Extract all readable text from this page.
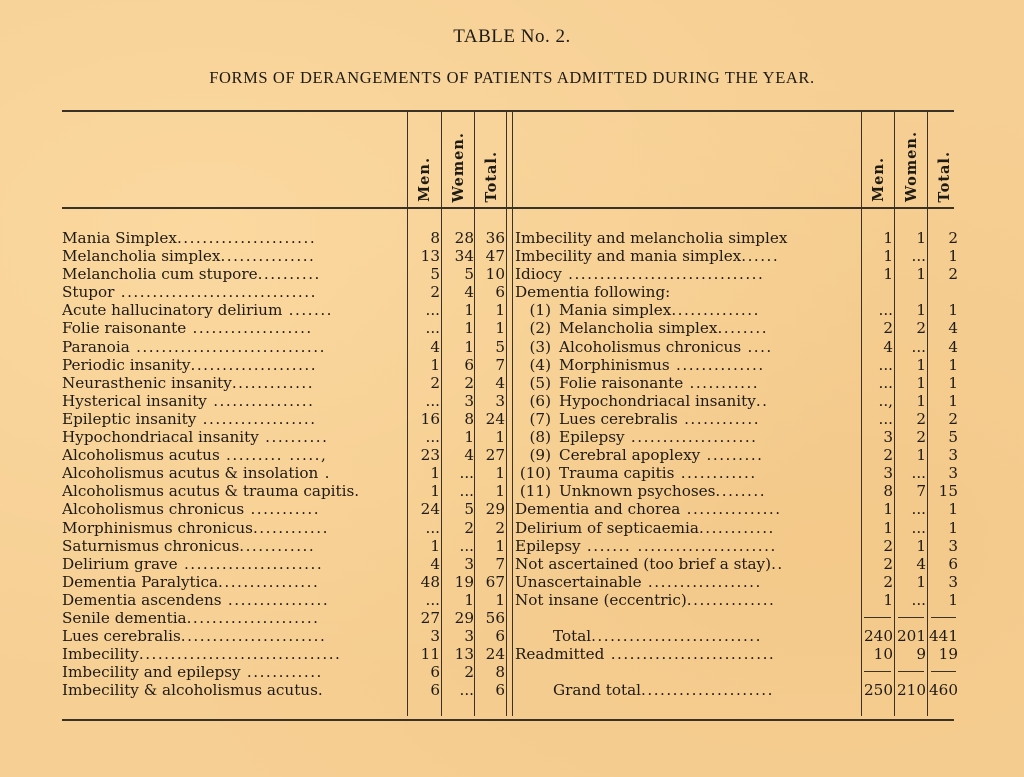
TABLE No. 2.
FORMS OF DERANGEMENTS OF PATIENTS ADMITTED DURING THE YEAR.
Men. Wemen. Total.	Men. Women. Total.
Mania Simplex......................	8 28 36
Melancholia simplex...............	13 34 47
Melancholia cum stupore..........	5	5 10
Stupor ...............................	2	4	6
Acute hallucinatory delirium .......	...	1	1
Folie raisonante ...................	...	1	1
Paranoia ..............................	4	1	5
Periodic insanity....................	1	6	7
Neurasthenic insanity.............	2	2	4
Hysterical insanity ................	...	3	3
Epileptic insanity ..................	16	8 24
Hypochondriacal insanity ..........	...	1	1
Alcoholismus acutus ......... .....,	23	4 27
Alcoholismus acutus & insolation .	1	...	1
Alcoholismus acutus & trauma capitis.	1	...	1
Alcoholismus chronicus ...........	24	5 29
Morphinismus chronicus............	...	2	2
Saturnismus chronicus............	1	...	1
Delirium grave ......................	4	3	7
Dementia Paralytica................	48 19 67
Dementia ascendens ................	...	1	1
Senile dementia.....................	27 29 56
Lues cerebralis.......................	3	3	6
Imbecility................................	11 13 24
Imbecility and epilepsy ............	6	2	8
Imbecility & alcoholismus acutus.	6	...	6
Imbecility and melancholia simplex	1	1	2
Imbecility and mania simplex......	1	...	1
Idiocy ...............................	1	1	2
Dementia following:
(1) Mania simplex..............	...	1	1
(2) Melancholia simplex........	2	2	4
(3) Alcoholismus chronicus ....	4	...	4
(4) Morphinismus ..............	...	1	1
(5) Folie raisonante ...........	...	1	1
(6) Hypochondriacal insanity..	..,	1	1
(7) Lues cerebralis ............	...	2	2
(8) Epilepsy ....................	3	2	5
(9) Cerebral apoplexy .........	2	1	3
(10) Trauma capitis ............	3	...	3
(11) Unknown psychoses........	8	7 15
Dementia and chorea ...............	1	...	1
Delirium of septicaemia............	1	...	1
Epilepsy ....... ......................	2	1	3
Not ascertained (too brief a stay)..	2	4	6
Unascertainable ..................	2	1	3
Not insane (eccentric)..............	1	...	1
Total...........................	240 201 441
Readmitted ..........................	10	9 19
Grand total.....................	250 210 460
